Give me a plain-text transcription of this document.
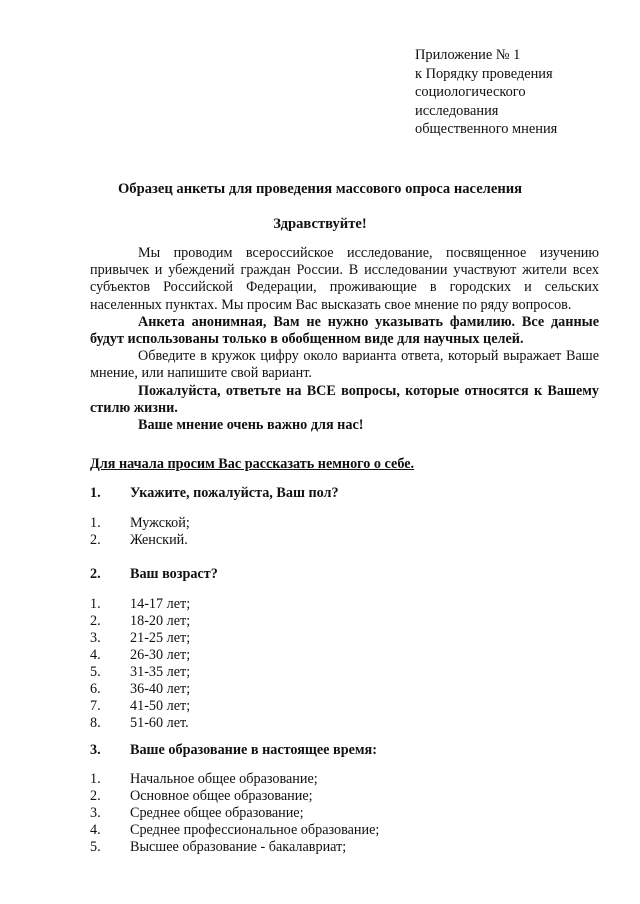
Приложение № 1
к Порядку проведения
социологического
исследования
общественного мнения
Образец анкеты для проведения массового опроса населения
Здравствуйте!

Мы проводим всероссийское исследование, посвященное изучению привычек и убеждений граждан России. В исследовании участвуют жители всех субъектов Российской Федерации, проживающие в городских и сельских населенных пунктах. Мы просим Вас высказать свое мнение по ряду вопросов.

Анкета анонимная, Вам не нужно указывать фамилию. Все данные будут использованы только в обобщенном виде для научных целей.

Обведите в кружок цифру около варианта ответа, который выражает Ваше мнение, или напишите свой вариант.

Пожалуйста, ответьте на ВСЕ вопросы, которые относятся к Вашему стилю жизни.

Ваше мнение очень важно для нас!

Для начала просим Вас рассказать немного о себе.
1. Укажите, пожалуйста, Ваш пол?
1. Мужской;
2. Женский.
2. Ваш возраст?
1. 14-17 лет;
2. 18-20 лет;
3. 21-25 лет;
4. 26-30 лет;
5. 31-35 лет;
6. 36-40 лет;
7. 41-50 лет;
8. 51-60 лет.
3. Ваше образование в настоящее время:
1. Начальное общее образование;
2. Основное общее образование;
3. Среднее общее образование;
4. Среднее профессиональное образование;
5. Высшее образование - бакалавриат;
